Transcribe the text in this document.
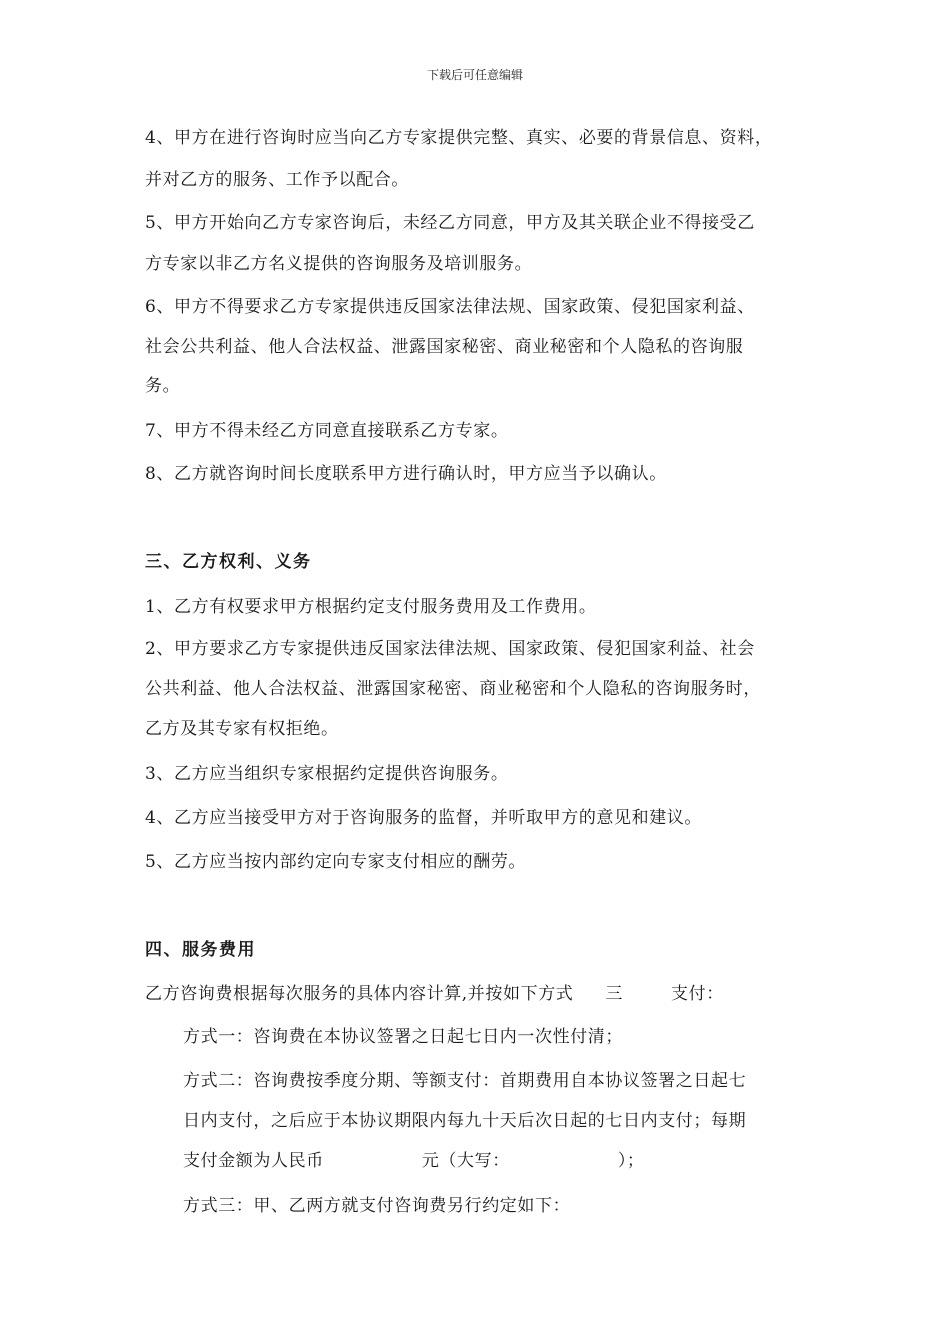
下载后可任意编辑
4、甲方在进行咨询时应当向乙方专家提供完整、真实、必要的背景信息、资料，
并对乙方的服务、工作予以配合。
5、甲方开始向乙方专家咨询后，未经乙方同意，甲方及其关联企业不得接受乙
方专家以非乙方名义提供的咨询服务及培训服务。
6、甲方不得要求乙方专家提供违反国家法律法规、国家政策、侵犯国家利益、
社会公共利益、他人合法权益、泄露国家秘密、商业秘密和个人隐私的咨询服
务。
7、甲方不得未经乙方同意直接联系乙方专家。
8、乙方就咨询时间长度联系甲方进行确认时，甲方应当予以确认。
三、乙方权利、义务
1、乙方有权要求甲方根据约定支付服务费用及工作费用。
2、甲方要求乙方专家提供违反国家法律法规、国家政策、侵犯国家利益、社会
公共利益、他人合法权益、泄露国家秘密、商业秘密和个人隐私的咨询服务时，
乙方及其专家有权拒绝。
3、乙方应当组织专家根据约定提供咨询服务。
4、乙方应当接受甲方对于咨询服务的监督，并听取甲方的意见和建议。
5、乙方应当按内部约定向专家支付相应的酬劳。
四、服务费用
乙方咨询费根据每次服务的具体内容计算,并按如下方式 三	支付：
方式一：咨询费在本协议签署之日起七日内一次性付清；
方式二：咨询费按季度分期、等额支付：首期费用自本协议签署之日起七
日内支付，之后应于本协议期限内每九十天后次日起的七日内支付；每期
支付金额为人民币	元（大写：	）；
方式三：甲、乙两方就支付咨询费另行约定如下：
